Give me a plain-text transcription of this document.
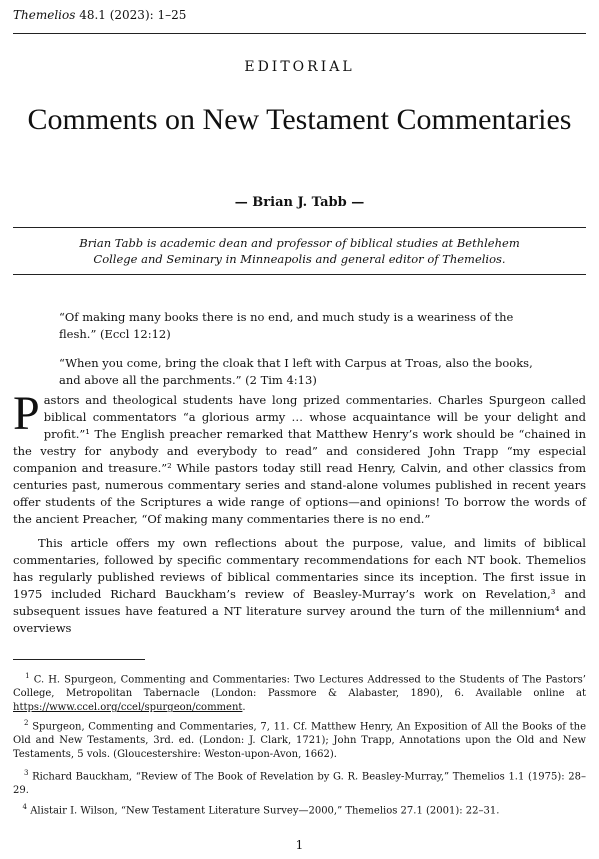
Themelios 48.1 (2023): 1–25
EDITORIAL
Comments on New Testament Commentaries
— Brian J. Tabb —
Brian Tabb is academic dean and professor of biblical studies at Bethlehem College and Seminary in Minneapolis and general editor of Themelios.
“Of making many books there is no end, and much study is a weariness of the flesh.” (Eccl 12:12)
“When you come, bring the cloak that I left with Carpus at Troas, also the books, and above all the parchments.” (2 Tim 4:13)
Pastors and theological students have long prized commentaries. Charles Spurgeon called biblical commentators “a glorious army … whose acquaintance will be your delight and profit.”¹ The English preacher remarked that Matthew Henry’s work should be “chained in the vestry for anybody and everybody to read” and considered John Trapp “my especial companion and treasure.”² While pastors today still read Henry, Calvin, and other classics from centuries past, numerous commentary series and stand-alone volumes published in recent years offer students of the Scriptures a wide range of options—and opinions! To borrow the words of the ancient Preacher, “Of making many commentaries there is no end.”

This article offers my own reflections about the purpose, value, and limits of biblical commentaries, followed by specific commentary recommendations for each NT book. Themelios has regularly published reviews of biblical commentaries since its inception. The first issue in 1975 included Richard Bauckham’s review of Beasley-Murray’s work on Revelation,³ and subsequent issues have featured a NT literature survey around the turn of the millennium⁴ and overviews

$^1$ C. H. Spurgeon, Commenting and Commentaries: Two Lectures Addressed to the Students of The Pastors’ College, Metropolitan Tabernacle (London: Passmore & Alabaster, 1890), 6. Available online at https://www.ccel.org/ccel/spurgeon/comment.
$^2$ Spurgeon, Commenting and Commentaries, 7, 11. Cf. Matthew Henry, An Exposition of All the Books of the Old and New Testaments, 3rd. ed. (London: J. Clark, 1721); John Trapp, Annotations upon the Old and New Testaments, 5 vols. (Gloucestershire: Weston-upon-Avon, 1662).
$^3$ Richard Bauckham, “Review of The Book of Revelation by G. R. Beasley-Murray,” Themelios 1.1 (1975): 28–29.
$^4$ Alistair I. Wilson, “New Testament Literature Survey—2000,” Themelios 27.1 (2001): 22–31.
1
